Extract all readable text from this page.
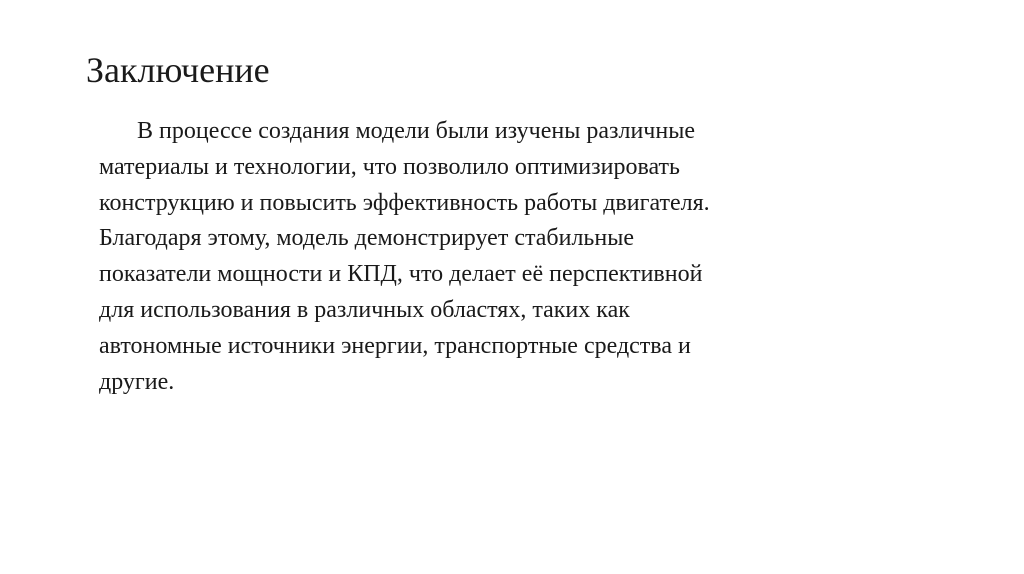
Заключение
В процессе создания модели были изучены различные
материалы и технологии, что позволило оптимизировать
конструкцию и повысить эффективность работы двигателя.
Благодаря этому, модель демонстрирует стабильные
показатели мощности и КПД, что делает её перспективной
для использования в различных областях, таких как
автономные источники энергии, транспортные средства и
другие.
